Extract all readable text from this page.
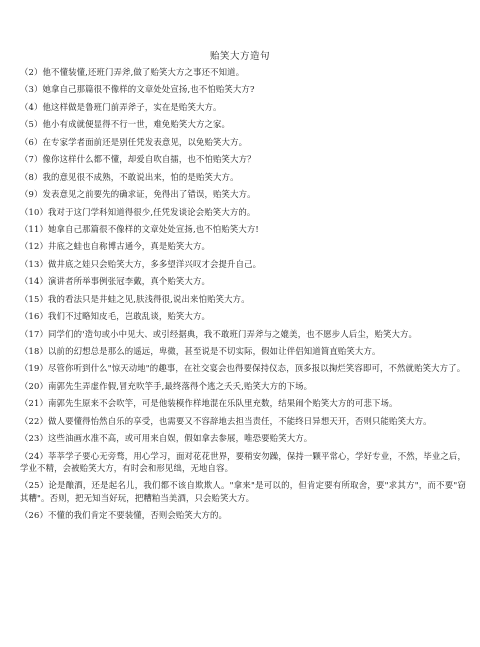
贻笑大方造句
（2）他不懂装懂,还班门弄斧,做了贻笑大方之事还不知道。
（3）她拿自己那篇很不像样的文章处处宣扬,也不怕贻笑大方?
（4）他这样做是鲁班门前弄斧子，实在是贻笑大方。
（5）他小有成就便显得不行一世，难免贻笑大方之家。
（6）在专家学者面前还是别任凭发表意见，以免贻笑大方。
（7）像你这样什么都不懂，却爱自吹自擂，也不怕贻笑大方？
（8）我的意见很不成熟，不敢说出来，怕的是贻笑大方。
（9）发表意见之前要先的确求证，免得出了错误，贻笑大方。
（10）我对于这门学科知道得很少,任凭发谈论会贻笑大方的。
（11）她拿自己那篇很不像样的文章处处宣扬,也不怕贻笑大方!
（12）井底之蛙也自称博古通今，真是贻笑大方。
（13）做井底之娃只会贻笑大方，多多望洋兴叹才会提升自己。
（14）演讲者所举事例张冠李戴，真个贻笑大方。
（15）我的看法只是井蛙之见,肤浅得很,说出来怕贻笑大方。
（16）我们不过略知皮毛，岂敢乱谈，贻笑大方。
（17）同学们的'造句或小中见大、或引经据典，我不敢班门弄斧与之媲美，也不愿步人后尘，贻笑大方。
（18）以前的幻想总是那么的遥远，卑微，甚至说是不切实际，假如让伴侣知道简直贻笑大方。
（19）尽管你听到什么"惊天动地"的趣事，在社交宴会也得要保持仪态，顶多报以掬烂笑容即可，不然就贻笑大方了。
（20）南郭先生弄虚作假,冒充吹竽手,最终落得个逃之夭夭,贻笑大方的下场。
（21）南郭先生原来不会吹竽，可是他装模作样地混在乐队里充数，结果闹个贻笑大方的可悲下场。
（22）做人要懂得怡然自乐的享受，也需要又不容辞地去担当责任，不能终日异想天开，否则只能贻笑大方。
（23）这些油画水准不高，或可用来自娱，假如拿去参展，唯恐要贻笑大方。
（24）莘莘学子要心无旁骛，用心学习，面对花花世界，要稍安勿躁，保持一颗平常心，学好专业，不然，毕业之后，学业不精，会被贻笑大方，有时会和形见绌，无地自容。
（25）论是酿酒，还是起名儿，我们都不该自欺欺人。"拿来"是可以的，但肯定要有所取舍，要"求其方"，而不要"窃其糟"。否则，把无知当好玩，把糟粕当美酒，只会贻笑大方。
（26）不懂的我们肯定不要装懂，否则会贻笑大方的。
